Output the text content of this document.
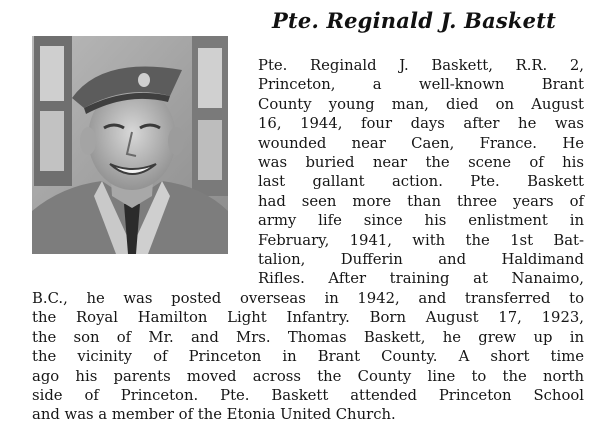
Pte. Reginald J. Baskett
Pte. Reginald J. Baskett, R.R. 2,
Princeton, a well-known Brant
County young man, died on August
16, 1944, four days after he was
wounded near Caen, France. He
was buried near the scene of his
last gallant action. Pte. Baskett
had seen more than three years of
army life since his enlistment in
February, 1941, with the 1st Bat-
talion, Dufferin and Haldimand
Rifles. After training at Nanaimo,
B.C., he was posted overseas in 1942, and transferred to
the Royal Hamilton Light Infantry. Born August 17, 1923,
the son of Mr. and Mrs. Thomas Baskett, he grew up in
the vicinity of Princeton in Brant County. A short time
ago his parents moved across the County line to the north
side of Princeton. Pte. Baskett attended Princeton School
and was a member of the Etonia United Church.
